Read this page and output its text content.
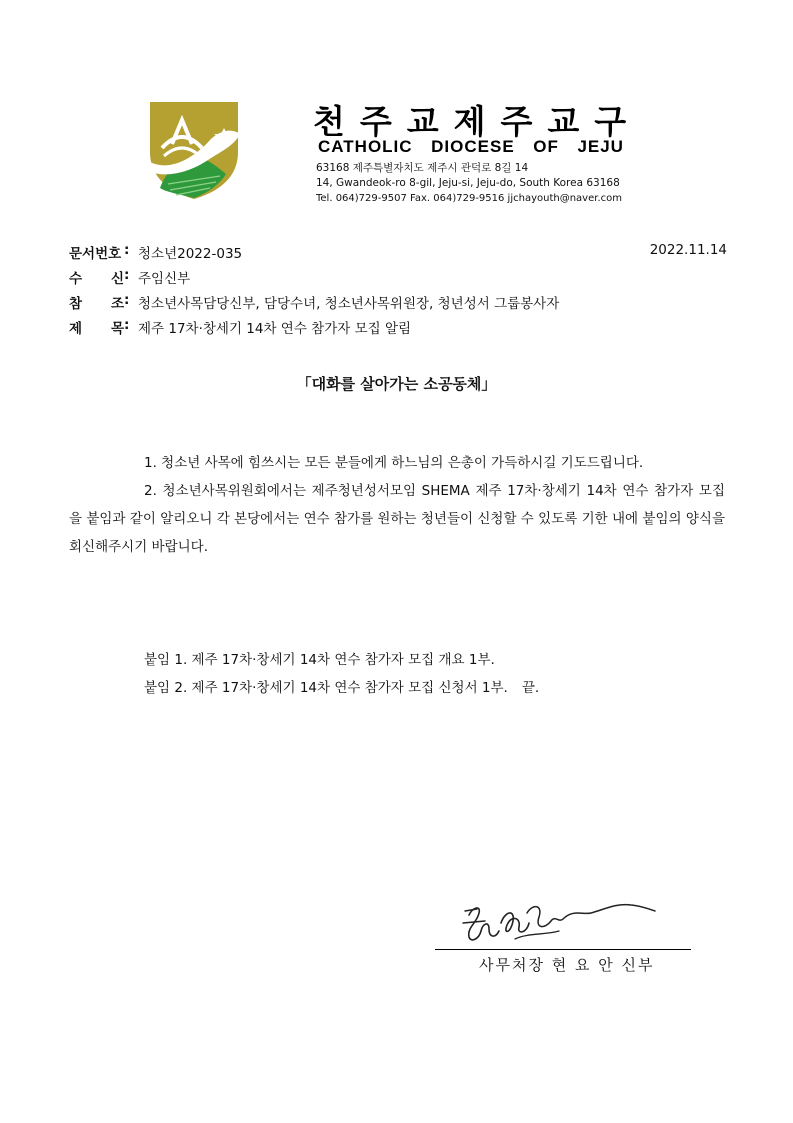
천주교제주교구
CATHOLIC DIOCESE OF JEJU
63168 제주특별자치도 제주시 관덕로 8길 14
14, Gwandeok-ro 8-gil, Jeju-si, Jeju-do, South Korea 63168
Tel. 064)729-9507 Fax. 064)729-9516 jjchayouth@naver.com
문서번호 : 청소년2022-035	2022.11.14
수 신 : 주임신부
참 조 : 청소년사목담당신부, 담당수녀, 청소년사목위원장, 청년성서 그룹봉사자
제 목 : 제주 17차·창세기 14차 연수 참가자 모집 알림
「대화를 살아가는 소공동체」
1. 청소년 사목에 힘쓰시는 모든 분들에게 하느님의 은총이 가득하시길 기도드립니다.
2. 청소년사목위원회에서는 제주청년성서모임 SHEMA 제주 17차·창세기 14차 연수 참가자 모집을 붙임과 같이 알리오니 각 본당에서는 연수 참가를 원하는 청년들이 신청할 수 있도록 기한 내에 붙임의 양식을 회신해주시기 바랍니다.
붙임 1. 제주 17차·창세기 14차 연수 참가자 모집 개요 1부.
붙임 2. 제주 17차·창세기 14차 연수 참가자 모집 신청서 1부. 끝.
사무처장 현 요 안 신부
